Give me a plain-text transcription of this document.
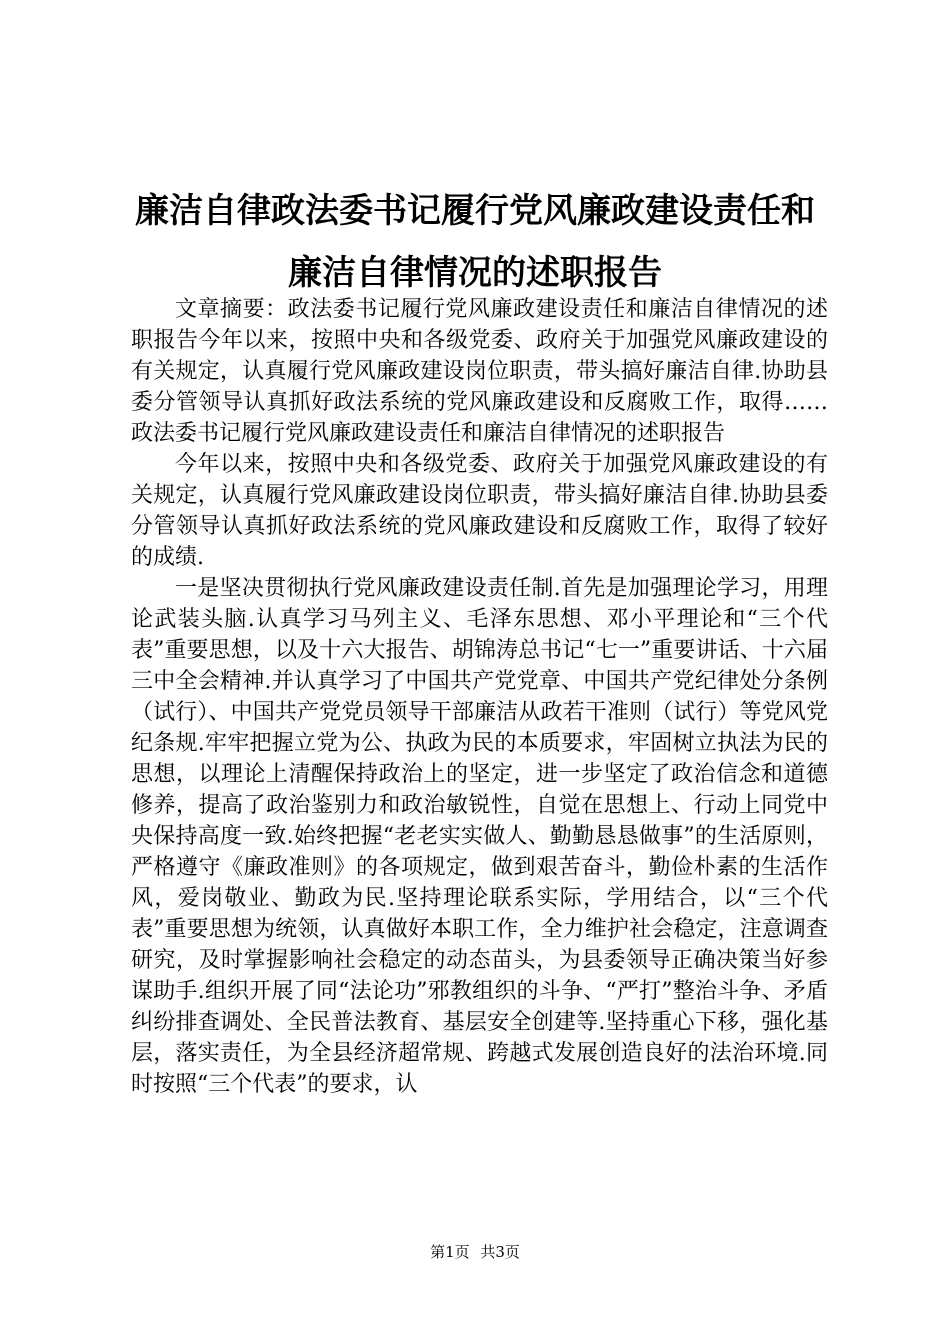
廉洁自律政法委书记履行党风廉政建设责任和廉洁自律情况的述职报告

文章摘要：政法委书记履行党风廉政建设责任和廉洁自律情况的述职报告今年以来，按照中央和各级党委、政府关于加强党风廉政建设的有关规定，认真履行党风廉政建设岗位职责，带头搞好廉洁自律.协助县委分管领导认真抓好政法系统的党风廉政建设和反腐败工作，取得……政法委书记履行党风廉政建设责任和廉洁自律情况的述职报告

今年以来，按照中央和各级党委、政府关于加强党风廉政建设的有关规定，认真履行党风廉政建设岗位职责，带头搞好廉洁自律.协助县委分管领导认真抓好政法系统的党风廉政建设和反腐败工作，取得了较好的成绩.

一是坚决贯彻执行党风廉政建设责任制.首先是加强理论学习，用理论武装头脑.认真学习马列主义、毛泽东思想、邓小平理论和“三个代表”重要思想，以及十六大报告、胡锦涛总书记“七一”重要讲话、十六届三中全会精神.并认真学习了中国共产党党章、中国共产党纪律处分条例（试行）、中国共产党党员领导干部廉洁从政若干准则（试行）等党风党纪条规.牢牢把握立党为公、执政为民的本质要求，牢固树立执法为民的思想，以理论上清醒保持政治上的坚定，进一步坚定了政治信念和道德修养，提高了政治鉴别力和政治敏锐性，自觉在思想上、行动上同党中央保持高度一致.始终把握“老老实实做人、勤勤恳恳做事”的生活原则，严格遵守《廉政准则》的各项规定，做到艰苦奋斗，勤俭朴素的生活作风，爱岗敬业、勤政为民.坚持理论联系实际，学用结合，以“三个代表”重要思想为统领，认真做好本职工作，全力维护社会稳定，注意调查研究，及时掌握影响社会稳定的动态苗头，为县委领导正确决策当好参谋助手.组织开展了同“法论功”邪教组织的斗争、“严打”整治斗争、矛盾纠纷排查调处、全民普法教育、基层安全创建等.坚持重心下移，强化基层，落实责任，为全县经济超常规、跨越式发展创造良好的法治环境.同时按照“三个代表”的要求，认

第1页 共3页
